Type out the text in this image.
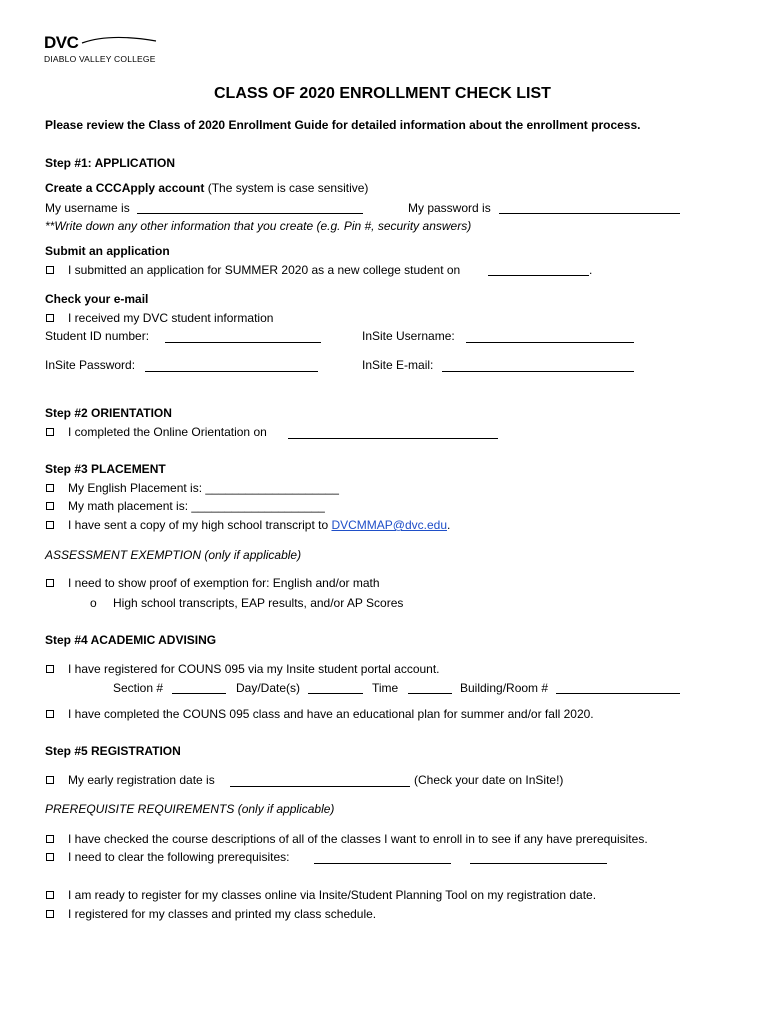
DVC
DIABLO VALLEY COLLEGE
CLASS OF 2020 ENROLLMENT CHECK LIST
Please review the Class of 2020 Enrollment Guide for detailed information about the enrollment process.
Step #1: APPLICATION
Create a CCCApply account (The system is case sensitive)
My username is	My password is
**Write down any other information that you create (e.g. Pin #, security answers)
Submit an application
I submitted an application for SUMMER 2020 as a new college student on	.
Check your e-mail
I received my DVC student information
Student ID number:	InSite Username:
InSite Password:	InSite E-mail:
Step #2 ORIENTATION
I completed the Online Orientation on
Step #3 PLACEMENT
My English Placement is: ____________________
My math placement is: ____________________
I have sent a copy of my high school transcript to DVCMMAP@dvc.edu.
ASSESSMENT EXEMPTION (only if applicable)
I need to show proof of exemption for: English and/or math
o High school transcripts, EAP results, and/or AP Scores
Step #4 ACADEMIC ADVISING
I have registered for COUNS 095 via my Insite student portal account.
Section #	Day/Date(s)	Time	Building/Room #
I have completed the COUNS 095 class and have an educational plan for summer and/or fall 2020.
Step #5 REGISTRATION
My early registration date is	(Check your date on InSite!)
PREREQUISITE REQUIREMENTS (only if applicable)
I have checked the course descriptions of all of the classes I want to enroll in to see if any have prerequisites.
I need to clear the following prerequisites:
I am ready to register for my classes online via Insite/Student Planning Tool on my registration date.
I registered for my classes and printed my class schedule.
